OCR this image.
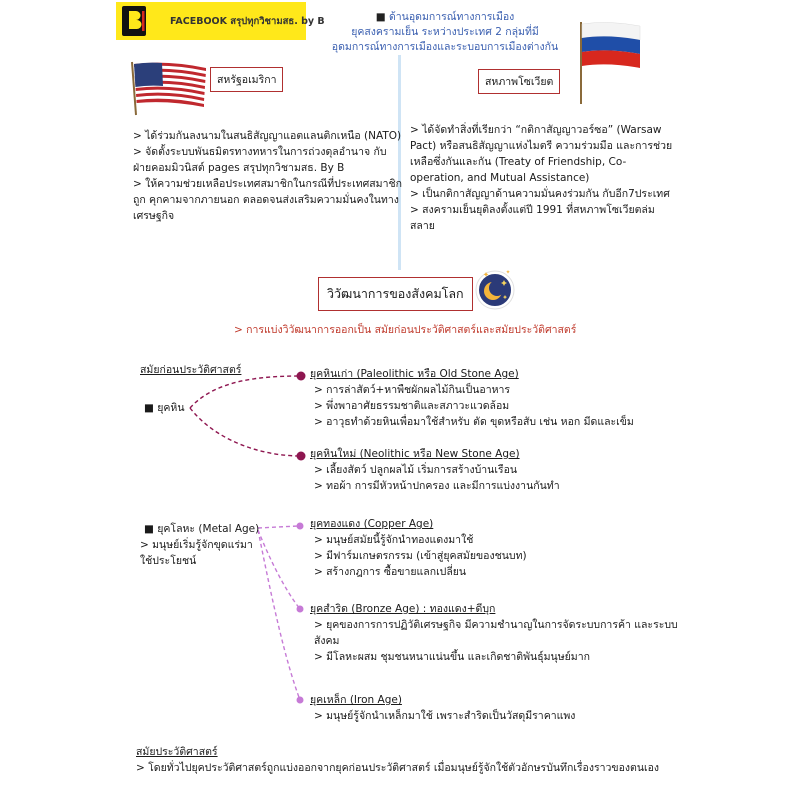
FACEBOOK สรุปทุกวิชามสธ. by B	■ ด้านอุดมการณ์ทางการเมือง
ยุคสงครามเย็น ระหว่างประเทศ 2 กลุ่มที่มี
อุดมการณ์ทางการเมืองและระบอบการเมืองต่างกัน
สหรัฐอเมริกา	สหภาพโซเวียต
> ได้ร่วมกันลงนามในสนธิสัญญาแอตแลนติกเหนือ (NATO)
> จัดตั้งระบบพันธมิตรทางทหารในการถ่วงดุลอำนาจ กับ
ฝ่ายคอมมิวนิสต์ pages สรุปทุกวิชามสธ. By B
> ให้ความช่วยเหลือประเทศสมาชิกในกรณีที่ประเทศสมาชิก
ถูก คุกคามจากภายนอก ตลอดจนส่งเสริมความมั่นคงในทาง
เศรษฐกิจ
> ได้จัดทำสิ่งที่เรียกว่า “กติกาสัญญาวอร์ซอ” (Warsaw
Pact) หรือสนธิสัญญาแห่งไมตรี ความร่วมมือ และการช่วย
เหลือซึ่งกันและกัน (Treaty of Friendship, Co-
operation, and Mutual Assistance)
> เป็นกติกาสัญญาด้านความมั่นคงร่วมกัน กับอีก7ประเทศ
> สงครามเย็นยุติลงตั้งแต่ปี 1991 ที่สหภาพโซเวียตล่ม
สลาย
วิวัฒนาการของสังคมโลก
> การแบ่งวิวัฒนาการออกเป็น สมัยก่อนประวัติศาสตร์และสมัยประวัติศาสตร์
สมัยก่อนประวัติศาสตร์
■ ยุคหิน
■ ยุคโลหะ (Metal Age)
> มนุษย์เริ่มรู้จักขุดแร่มา
ใช้ประโยชน์
ยุคหินเก่า (Paleolithic หรือ Old Stone Age)
> การล่าสัตว์+หาพืชผักผลไม้กินเป็นอาหาร
> พึ่งพาอาศัยธรรมชาติและสภาวะแวดล้อม
> อาวุธทำด้วยหินเพื่อมาใช้สำหรับ ตัด ขุดหรือสับ เช่น หอก มีดและเข็ม
ยุคหินใหม่ (Neolithic หรือ New Stone Age)
> เลี้ยงสัตว์ ปลูกผลไม้ เริ่มการสร้างบ้านเรือน
> ทอผ้า การมีหัวหน้าปกครอง และมีการแบ่งงานกันทำ
ยุคทองแดง (Copper Age)
> มนุษย์สมัยนี้รู้จักนำทองแดงมาใช้
> มีฟาร์มเกษตรกรรม (เข้าสู่ยุคสมัยของชนบท)
> สร้างกฎการ ซื้อขายแลกเปลี่ยน
ยุคสำริด (Bronze Age) : ทองแดง+ดีบุก
> ยุคของการการปฏิวัติเศรษฐกิจ มีความชำนาญในการจัดระบบการค้า และระบบ
สังคม
> มีโลหะผสม ชุมชนหนาแน่นขึ้น และเกิดชาติพันธุ์มนุษย์มาก
ยุคเหล็ก (Iron Age)
> มนุษย์รู้จักนำเหล็กมาใช้ เพราะสำริดเป็นวัสดุมีราคาแพง
สมัยประวัติศาสตร์
> โดยทั่วไปยุคประวัติศาสตร์ถูกแบ่งออกจากยุคก่อนประวัติศาสตร์ เมื่อมนุษย์รู้จักใช้ตัวอักษรบันทึกเรื่องราวของตนเอง
